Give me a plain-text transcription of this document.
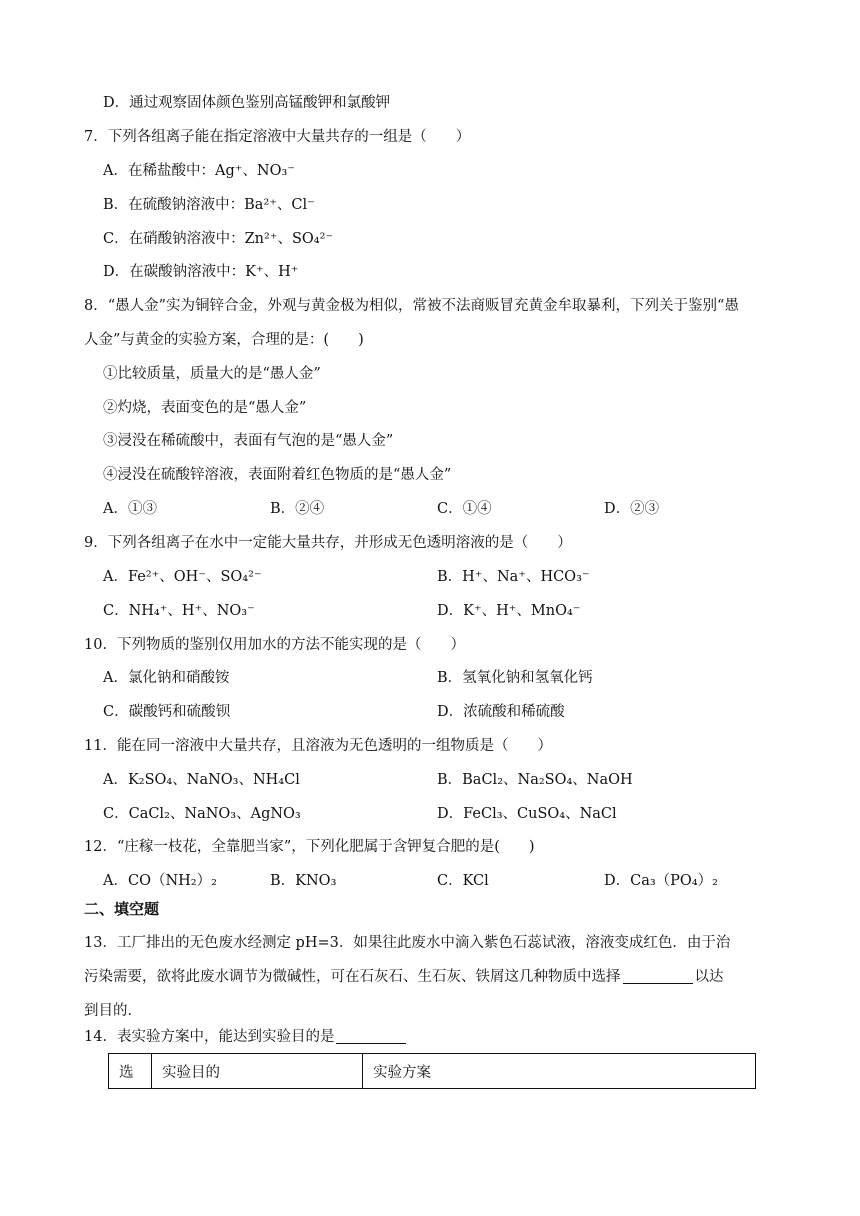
D．通过观察固体颜色鉴别高锰酸钾和氯酸钾
7．下列各组离子能在指定溶液中大量共存的一组是（　　）
A．在稀盐酸中：Ag⁺、NO₃⁻
B．在硫酸钠溶液中：Ba²⁺、Cl⁻
C．在硝酸钠溶液中：Zn²⁺、SO₄²⁻
D．在碳酸钠溶液中：K⁺、H⁺
8．“愚人金”实为铜锌合金，外观与黄金极为相似，常被不法商贩冒充黄金牟取暴利，下列关于鉴别“愚
人金”与黄金的实验方案，合理的是：(　　)
①比较质量，质量大的是“愚人金”
②灼烧，表面变色的是“愚人金”
③浸没在稀硫酸中，表面有气泡的是“愚人金”
④浸没在硫酸锌溶液，表面附着红色物质的是“愚人金”
A．①③	B．②④	C．①④	D．②③
9．下列各组离子在水中一定能大量共存，并形成无色透明溶液的是（　　）
A．Fe²⁺、OH⁻、SO₄²⁻	B．H⁺、Na⁺、HCO₃⁻
C．NH₄⁺、H⁺、NO₃⁻	D．K⁺、H⁺、MnO₄⁻
10．下列物质的鉴别仅用加水的方法不能实现的是（　　）
A．氯化钠和硝酸铵	B．氢氧化钠和氢氧化钙
C．碳酸钙和硫酸钡	D．浓硫酸和稀硫酸
11．能在同一溶液中大量共存，且溶液为无色透明的一组物质是（　　）
A．K₂SO₄、NaNO₃、NH₄Cl	B．BaCl₂、Na₂SO₄、NaOH
C．CaCl₂、NaNO₃、AgNO₃	D．FeCl₃、CuSO₄、NaCl
12．“庄稼一枝花，全靠肥当家”，下列化肥属于含钾复合肥的是(　　)
A．CO（NH₂）₂	B．KNO₃	C．KCl	D．Ca₃（PO₄）₂
二、填空题
13．工厂排出的无色废水经测定 pH=3．如果往此废水中滴入紫色石蕊试液，溶液变成红色．由于治
污染需要，欲将此废水调节为微碱性，可在石灰石、生石灰、铁屑这几种物质中选择	以达
到目的．
14．表实验方案中，能达到实验目的是
选	实验目的	实验方案
